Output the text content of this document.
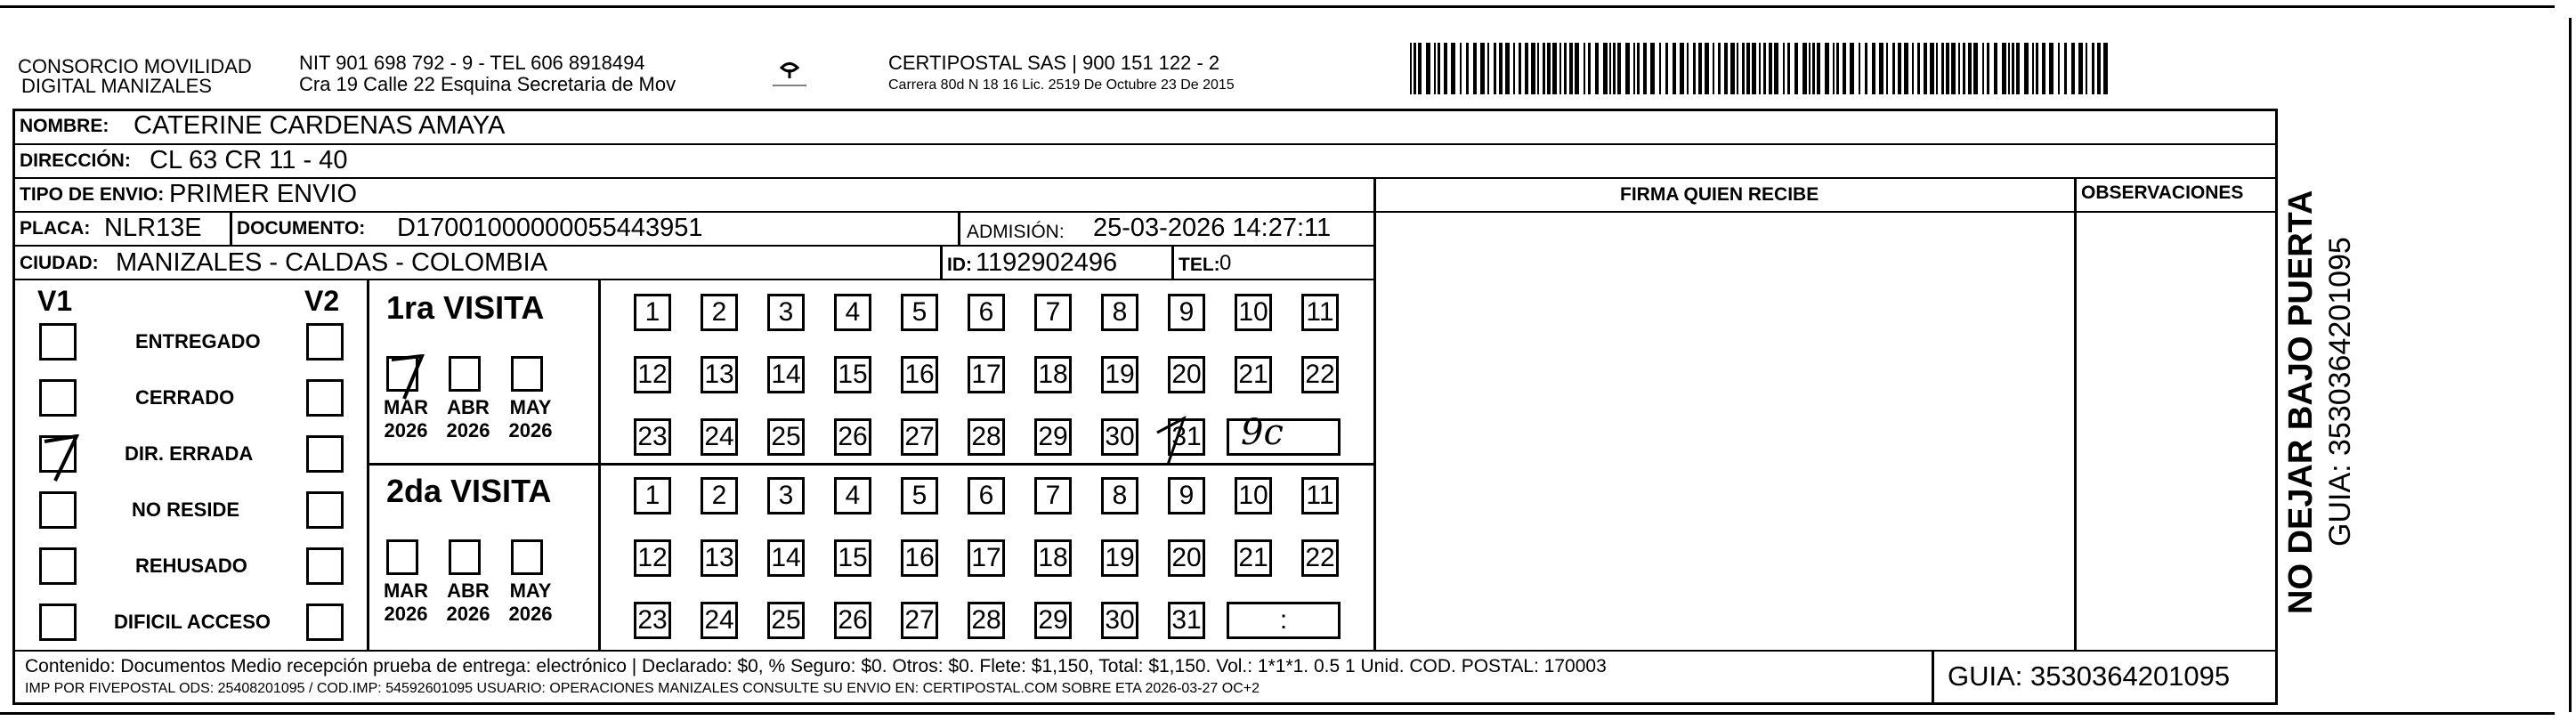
CONSORCIO MOVILIDAD
DIGITAL MANIZALES
NIT 901 698 792 - 9 - TEL 606 8918494
Cra 19 Calle 22 Esquina Secretaria de Mov
CERTIPOSTAL SAS | 900 151 122 - 2
Carrera 80d N 18 16 Lic. 2519 De Octubre 23 De 2015
NOMBRE: CATERINE CARDENAS AMAYA
DIRECCIÓN: CL 63 CR 11 - 40
TIPO DE ENVIO: PRIMER ENVIO
PLACA: NLR13E DOCUMENTO: D17001000000055443951	ADMISIÓN: 25-03-2026 14:27:11
CIUDAD: MANIZALES - CALDAS - COLOMBIA	ID: 1192902496	TEL: 0
FIRMA QUIEN RECIBE	OBSERVACIONES
V1	V2 1ra VISITA
2da VISITA
9c
Contenido: Documentos Medio recepción prueba de entrega: electrónico | Declarado: $0, % Seguro: $0. Otros: $0. Flete: $1,150, Total: $1,150. Vol.: 1*1*1. 0.5 1 Unid. COD. POSTAL: 170003
IMP POR FIVEPOSTAL ODS: 25408201095 / COD.IMP: 54592601095 USUARIO: OPERACIONES MANIZALES CONSULTE SU ENVIO EN: CERTIPOSTAL.COM SOBRE ETA 2026-03-27 OC+2	GUIA: 3530364201095
NO DEJAR BAJO PUERTA GUIA: 3530364201095
ENTREGADO
CERRADO
DIR. ERRADA
NO RESIDE
REHUSADO
DIFICIL ACCESO
MAR
2026
ABR
2026
MAY
2026
MAR
2026
ABR
2026
MAY
2026
1	2	3	4	5	6	7	8	9	10 11
12 13 14 15 16 17 18 19 20 21 22
23 24 25 26 27 28 29 30 31
1	2	3	4	5	6	7	8	9	10 11
12 13 14 15 16 17 18 19 20 21 22
23 24 25 26 27 28 29 30 31	:
